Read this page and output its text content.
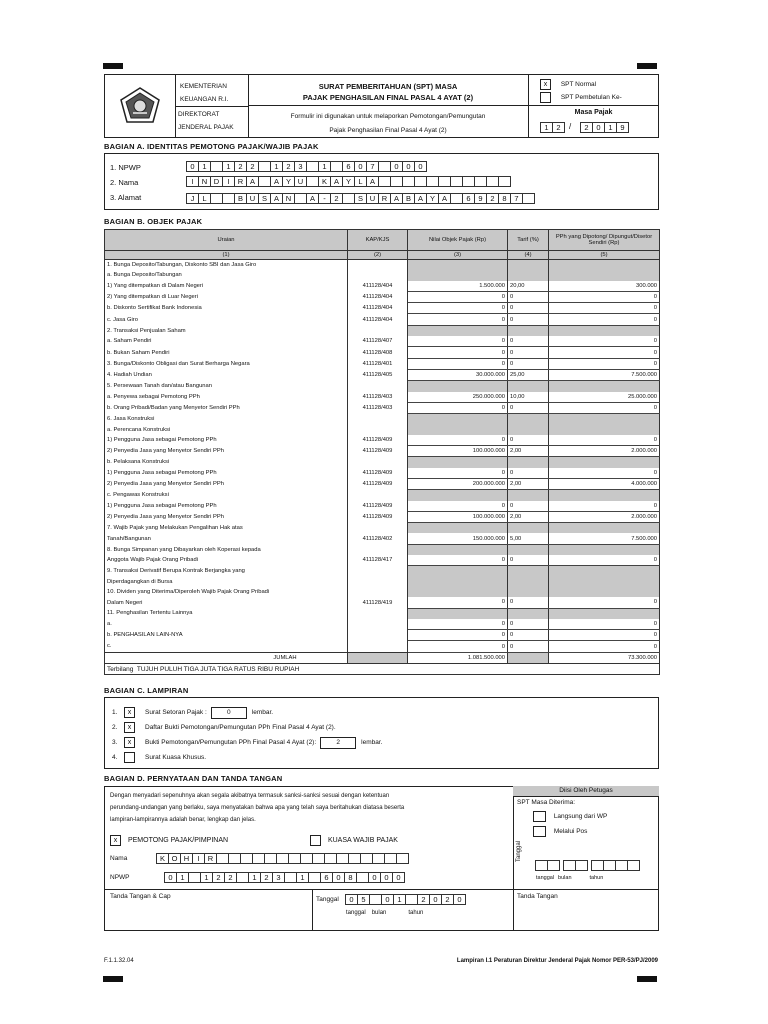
KEMENTERIAN
KEUANGAN R.I.
DIREKTORAT
JENDERAL PAJAK
SURAT PEMBERITAHUAN (SPT) MASA
PAJAK PENGHASILAN FINAL PASAL 4 AYAT (2)
Formulir ini digunakan untuk melaporkan Pemotongan/Pemungutan
Pajak Penghasilan Final Pasal 4 Ayat (2)
x SPT Normal
SPT Pembetulan Ke-
Masa Pajak
1	2	/	2	0	1	9
BAGIAN A. IDENTITAS PEMOTONG PAJAK/WAJIB PAJAK
1. NPWP	0	1	1	2	2	1	2	3	1	6	0	7	0	0	0
2. Nama	I	N D	I	R A	A Y U	K A Y L A
3. Alamat	J	L	B U S A N	A	-	2	S U R A B A Y A	6	9	2	8	7
BAGIAN B. OBJEK PAJAK
Uraian	KAP/KJS	Nilai Objek Pajak (Rp)	Tarif (%)	PPh yang Dipotong/ Dipungut/Disetor Sendiri (Rp)
(1)	(2)	(3)	(4)	(5)
1. Bunga Deposito/Tabungan, Diskonto SBI dan Jasa Giro				
a. Bunga Deposito/Tabungan				
1) Yang ditempatkan di Dalam Negeri	411128/404	1.500.000	20,00	300.000
2) Yang ditempatkan di Luar Negeri	411128/404	0	0	0
b. Diskonto Sertifikat Bank Indonesia	411128/404	0	0	0
c. Jasa Giro	411128/404	0	0	0
2. Transaksi Penjualan Saham				
a. Saham Pendiri	411128/407	0	0	0
b. Bukan Saham Pendiri	411128/408	0	0	0
3. Bunga/Diskonto Obligasi dan Surat Berharga Negara	411128/401	0	0	0
4. Hadiah Undian	411128/405	30.000.000	25,00	7.500.000
5. Persewaan Tanah dan/atau Bangunan				
a. Penyewa sebagai Pemotong PPh	411128/403	250.000.000	10,00	25.000.000
b. Orang Pribadi/Badan yang Menyetor Sendiri PPh	411128/403	0	0	0
6. Jasa Konstruksi				
a. Perencana Konstruksi				
1) Pengguna Jasa sebagai Pemotong PPh	411128/409	0	0	0
2) Penyedia Jasa yang Menyetor Sendiri PPh	411128/409	100.000.000	2,00	2.000.000
b. Pelaksana Konstruksi				
1) Pengguna Jasa sebagai Pemotong PPh	411128/409	0	0	0
2) Penyedia Jasa yang Menyetor Sendiri PPh	411128/409	200.000.000	2,00	4.000.000
c. Pengawas Konstruksi				
1) Pengguna Jasa sebagai Pemotong PPh	411128/409	0	0	0
2) Penyedia Jasa yang Menyetor Sendiri PPh	411128/409	100.000.000	2,00	2.000.000
7. Wajib Pajak yang Melakukan Pengalihan Hak atas				
Tanah/Bangunan	411128/402	150.000.000	5,00	7.500.000
8. Bunga Simpanan yang Dibayarkan oleh Koperasi kepada				
Anggota Wajib Pajak Orang Pribadi	411128/417	0	0	0
9. Transaksi Derivatif Berupa Kontrak Berjangka yang				
Diperdagangkan di Bursa				
10. Dividen yang Diterima/Diperoleh Wajib Pajak Orang Pribadi				
Dalam Negeri	411128/419	0	0	0
11. Penghasilan Tertentu Lainnya				
a.		0	0	0
b. PENGHASILAN LAIN-NYA		0	0	0
c.		0	0	0
JUMLAH		1.081.500.000		73.300.000
Terbilang TUJUH PULUH TIGA JUTA TIGA RATUS RIBU RUPIAH				
BAGIAN C. LAMPIRAN
1.	x	Surat Setoran Pajak :	0	lembar.
2.	x	Daftar Bukti Pemotongan/Pemungutan PPh Final Pasal 4 Ayat (2).
3.	x	Bukti Pemotongan/Pemungutan PPh Final Pasal 4 Ayat (2):	2	lembar.
4.	Surat Kuasa Khusus.
BAGIAN D. PERNYATAAN DAN TANDA TANGAN
Dengan menyadari sepenuhnya akan segala akibatnya termasuk sanksi-sanksi sesuai dengan ketentuan
perundang-undangan yang berlaku, saya menyatakan bahwa apa yang telah saya beritahukan diatasa beserta
lampiran-lampirannya adalah benar, lengkap dan jelas.
x PEMOTONG PAJAK/PIMPINAN	KUASA WAJIB PAJAK
Nama	K O H	I	R
NPWP	0	1	1	2	2	1	2	3	1	6	0	8	0	0	0
Tanda Tangan & Cap	Tanggal	0	5	0	1	2	0	2	0
tanggal bulan	tahun
Diisi Oleh Petugas
SPT Masa Diterima:
Langsung dari WP
Melalui Pos
Tanggal
tanggal bulan	tahun
Tanda Tangan
F.1.1.32.04	Lampiran I.1 Peraturan Direktur Jenderal Pajak Nomor PER-53/PJ/2009
